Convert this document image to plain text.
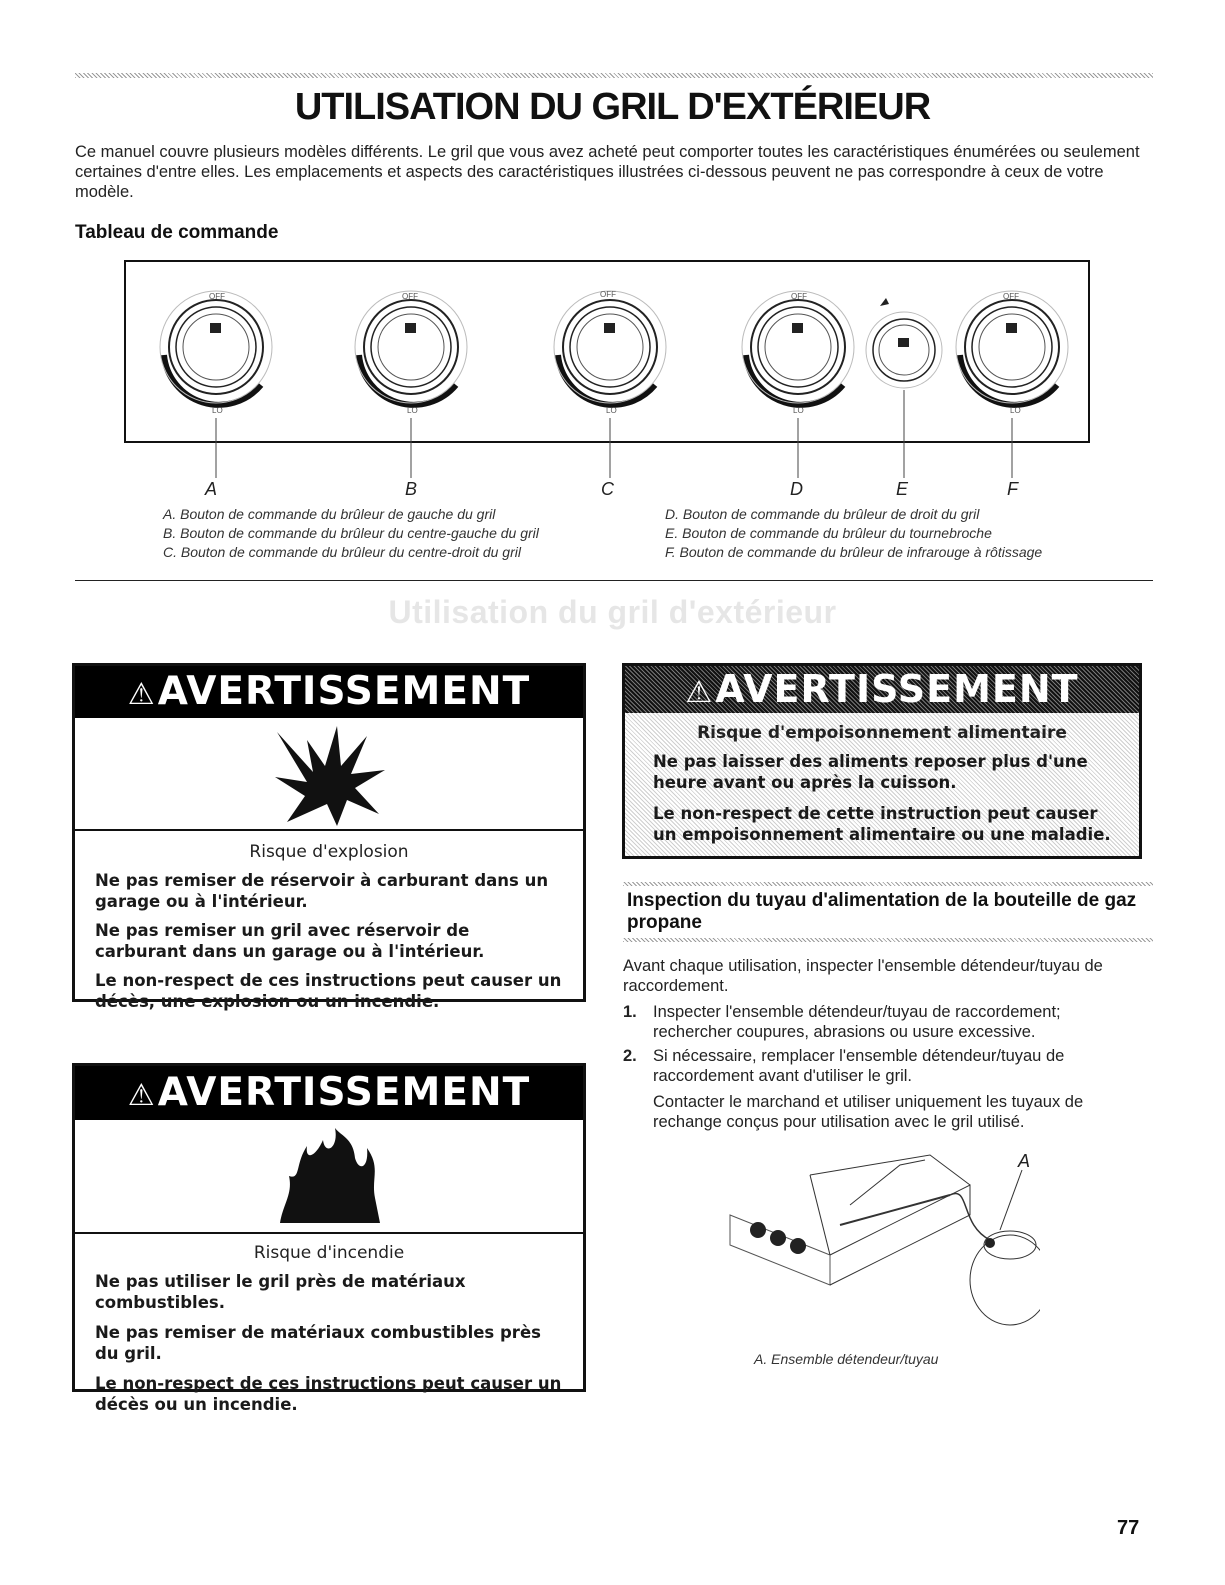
UTILISATION DU GRIL D'EXTÉRIEUR
Ce manuel couvre plusieurs modèles différents. Le gril que vous avez acheté peut comporter toutes les caractéristiques énumérées ou seulement certaines d'entre elles. Les emplacements et aspects des caractéristiques illustrées ci-dessous peuvent ne pas correspondre à ceux de votre modèle.
Tableau de commande
OFF	OFF	OFF	OFF	OFF
LO	LO	LO	LO	LO
A	B	C	D	E	F
A. Bouton de commande du brûleur de gauche du gril
B. Bouton de commande du brûleur du centre-gauche du gril
C. Bouton de commande du brûleur du centre-droit du gril
D. Bouton de commande du brûleur de droit du gril
E. Bouton de commande du brûleur du tournebroche
F. Bouton de commande du brûleur de infrarouge à rôtissage
Utilisation du gril d'extérieur
⚠AVERTISSEMENT
Risque d'explosion
Ne pas remiser de réservoir à carburant dans un garage ou à l'intérieur.
Ne pas remiser un gril avec réservoir de carburant dans un garage ou à l'intérieur.
Le non-respect de ces instructions peut causer un décès, une explosion ou un incendie.
⚠AVERTISSEMENT
Risque d'incendie
Ne pas utiliser le gril près de matériaux combustibles.
Ne pas remiser de matériaux combustibles près du gril.
Le non-respect de ces instructions peut causer un décès ou un incendie.
⚠AVERTISSEMENT
Risque d'empoisonnement alimentaire
Ne pas laisser des aliments reposer plus d'une heure avant ou après la cuisson.
Le non-respect de cette instruction peut causer un empoisonnement alimentaire ou une maladie.
Inspection du tuyau d'alimentation de la bouteille de gaz propane
Avant chaque utilisation, inspecter l'ensemble détendeur/tuyau de raccordement.
1. Inspecter l'ensemble détendeur/tuyau de raccordement; rechercher coupures, abrasions ou usure excessive.
2. Si nécessaire, remplacer l'ensemble détendeur/tuyau de raccordement avant d'utiliser le gril.
Contacter le marchand et utiliser uniquement les tuyaux de rechange conçus pour utilisation avec le gril utilisé.
A
A. Ensemble détendeur/tuyau
77
